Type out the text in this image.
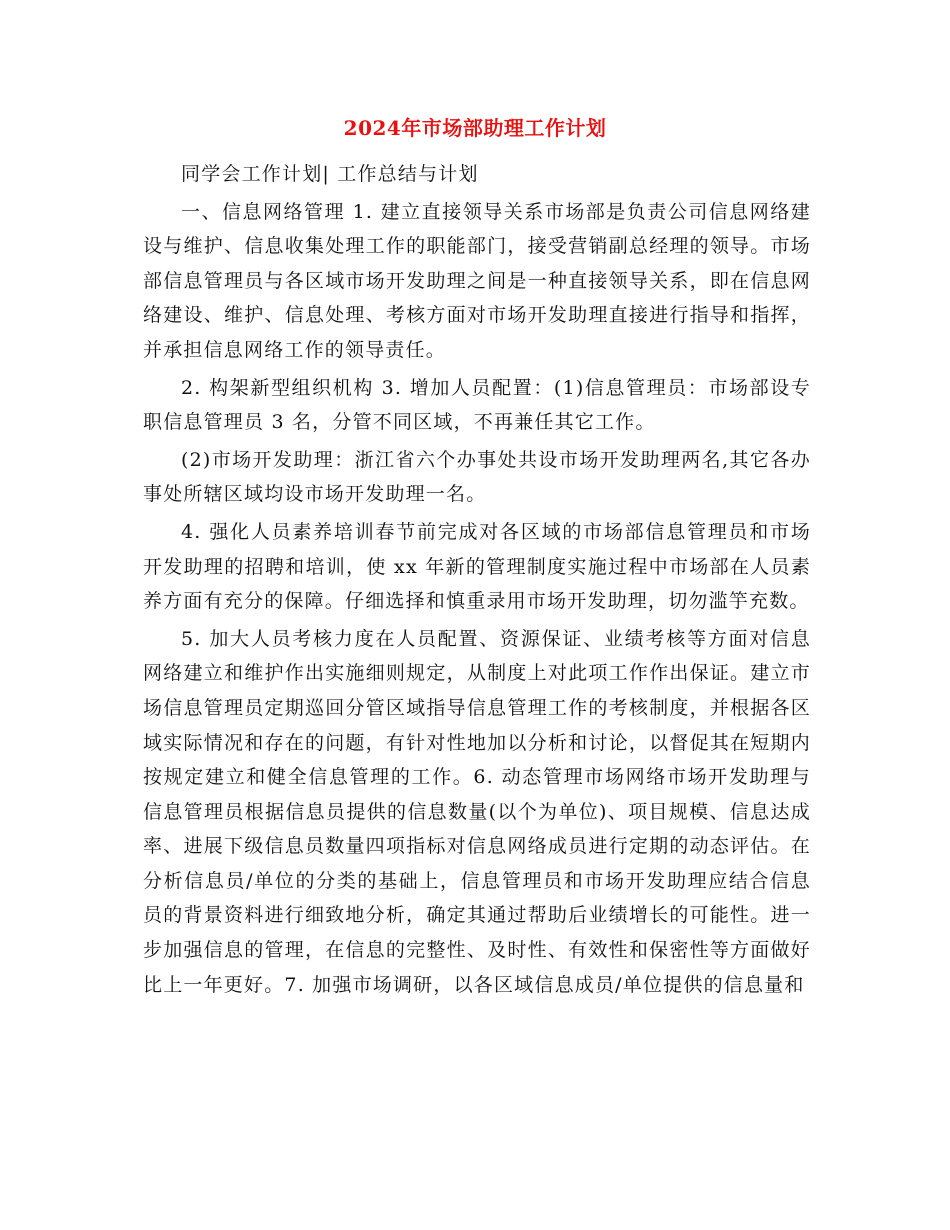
2024年市场部助理工作计划

同学会工作计划| 工作总结与计划

一、信息网络管理 1. 建立直接领导关系市场部是负责公司信息网络建设与维护、信息收集处理工作的职能部门，接受营销副总经理的领导。市场部信息管理员与各区域市场开发助理之间是一种直接领导关系，即在信息网络建设、维护、信息处理、考核方面对市场开发助理直接进行指导和指挥，并承担信息网络工作的领导责任。

2. 构架新型组织机构 3. 增加人员配置：(1)信息管理员：市场部设专职信息管理员 3 名，分管不同区域，不再兼任其它工作。

(2)市场开发助理：浙江省六个办事处共设市场开发助理两名,其它各办事处所辖区域均设市场开发助理一名。

4. 强化人员素养培训春节前完成对各区域的市场部信息管理员和市场开发助理的招聘和培训，使 xx 年新的管理制度实施过程中市场部在人员素养方面有充分的保障。仔细选择和慎重录用市场开发助理，切勿滥竽充数。

5. 加大人员考核力度在人员配置、资源保证、业绩考核等方面对信息网络建立和维护作出实施细则规定，从制度上对此项工作作出保证。建立市场信息管理员定期巡回分管区域指导信息管理工作的考核制度，并根据各区域实际情况和存在的问题，有针对性地加以分析和讨论，以督促其在短期内按规定建立和健全信息管理的工作。6. 动态管理市场网络市场开发助理与信息管理员根据信息员提供的信息数量(以个为单位)、项目规模、信息达成率、进展下级信息员数量四项指标对信息网络成员进行定期的动态评估。在分析信息员/单位的分类的基础上，信息管理员和市场开发助理应结合信息员的背景资料进行细致地分析，确定其通过帮助后业绩增长的可能性。进一步加强信息的管理，在信息的完整性、及时性、有效性和保密性等方面做好比上一年更好。7. 加强市场调研，以各区域信息成员/单位提供的信息量和
